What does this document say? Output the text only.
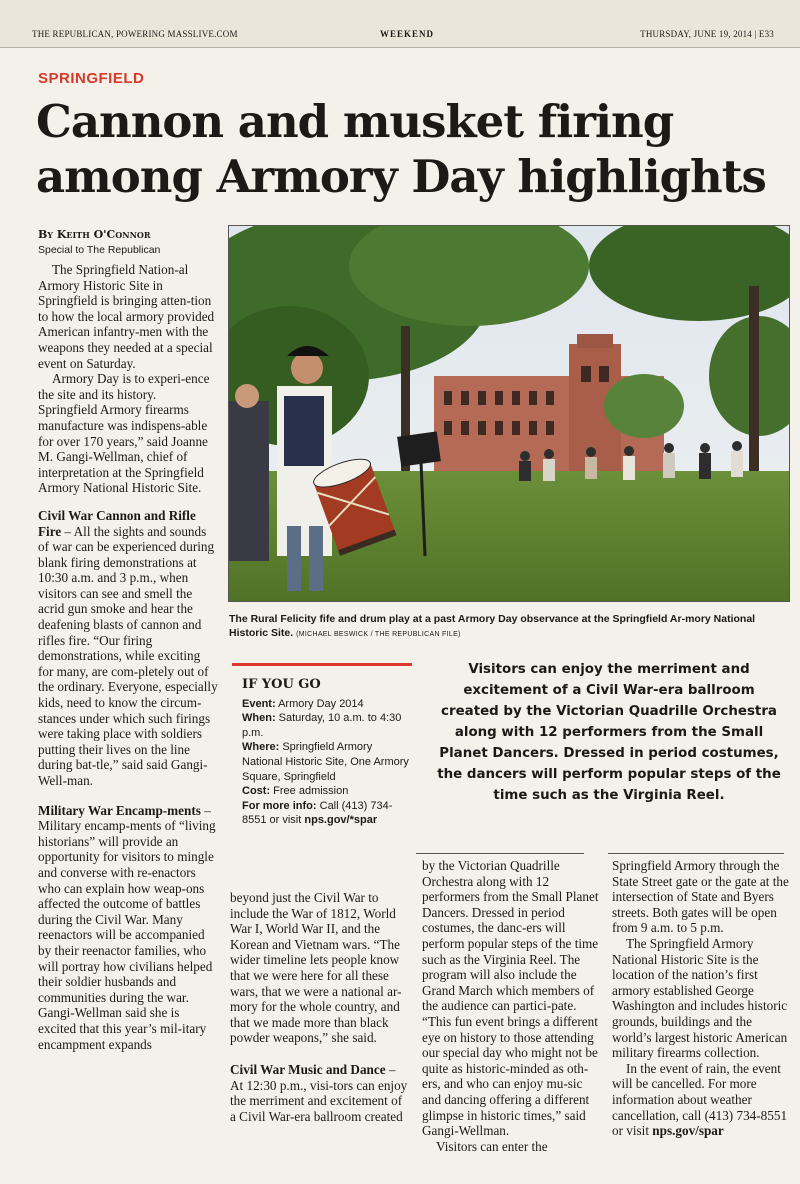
THE REPUBLICAN, POWERING MASSLIVE.COM	WEEKEND	THURSDAY, JUNE 19, 2014 | E33
SPRINGFIELD
Cannon and musket firing
among Armory Day highlights
By Keith O'Connor
Special to The Republican

The Springfield Nation-al Armory Historic Site in Springfield is bringing atten-tion to how the local armory provided American infantry-men with the weapons they needed at a special event on Saturday.

Armory Day is to experi-ence the site and its history. Springfield Armory firearms manufacture was indispens-able for over 170 years,” said Joanne M. Gangi-Wellman, chief of interpretation at the Springfield Armory National Historic Site.

Civil War Cannon and Rifle Fire – All the sights and sounds of war can be experienced during blank firing demonstrations at 10:30 a.m. and 3 p.m., when visitors can see and smell the acrid gun smoke and hear the deafening blasts of cannon and rifles fire. “Our firing demonstrations, while exciting for many, are com-pletely out of the ordinary. Everyone, especially kids, need to know the circum-stances under which such firings were taking place with soldiers putting their lives on the line during bat-tle,” said said Gangi-Well-man.

Military War Encamp-ments – Military encamp-ments of “living historians” will provide an opportunity for visitors to mingle and converse with re-enactors who can explain how weap-ons affected the outcome of battles during the Civil War. Many reenactors will be accompanied by their reenactor families, who will portray how civilians helped their soldier husbands and communities during the war. Gangi-Wellman said she is excited that this year’s mil-itary encampment expands

The Rural Felicity fife and drum play at a past Armory Day observance at the Springfield Ar-mory National Historic Site. (MICHAEL BESWICK / THE REPUBLICAN FILE)
IF YOU GO
Event: Armory Day 2014
When: Saturday, 10 a.m. to 4:30 p.m.
Where: Springfield Armory National Historic Site, One Armory Square, Springfield
Cost: Free admission
For more info: Call (413) 734-8551 or visit nps.gov/*spar
Visitors can enjoy the merriment and excitement of a Civil War-era ballroom created by the Victorian Quadrille Orchestra along with 12 performers from the Small Planet Dancers. Dressed in period costumes, the dancers will perform popular steps of the time such as the Virginia Reel.

beyond just the Civil War to include the War of 1812, World War I, World War II, and the Korean and Vietnam wars. “The wider timeline lets people know that we were here for all these wars, that we were a national ar-mory for the whole country, and that we made more than black powder weapons,” she said.

Civil War Music and Dance – At 12:30 p.m., visi-tors can enjoy the merriment and excitement of a Civil War-era ballroom created

by the Victorian Quadrille Orchestra along with 12 performers from the Small Planet Dancers. Dressed in period costumes, the danc-ers will perform popular steps of the time such as the Virginia Reel. The program will also include the Grand March which members of the audience can partici-pate. “This fun event brings a different eye on history to those attending our special day who might not be quite as historic-minded as oth-ers, and who can enjoy mu-sic and dancing offering a different glimpse in historic times,” said Gangi-Wellman.

Visitors can enter the

Springfield Armory through the State Street gate or the gate at the intersection of State and Byers streets. Both gates will be open from 9 a.m. to 5 p.m.

The Springfield Armory National Historic Site is the location of the nation’s first armory established George Washington and includes historic grounds, buildings and the world’s largest historic American military firearms collection.

In the event of rain, the event will be cancelled. For more information about weather cancellation, call (413) 734-8551 or visit nps.gov/spar
